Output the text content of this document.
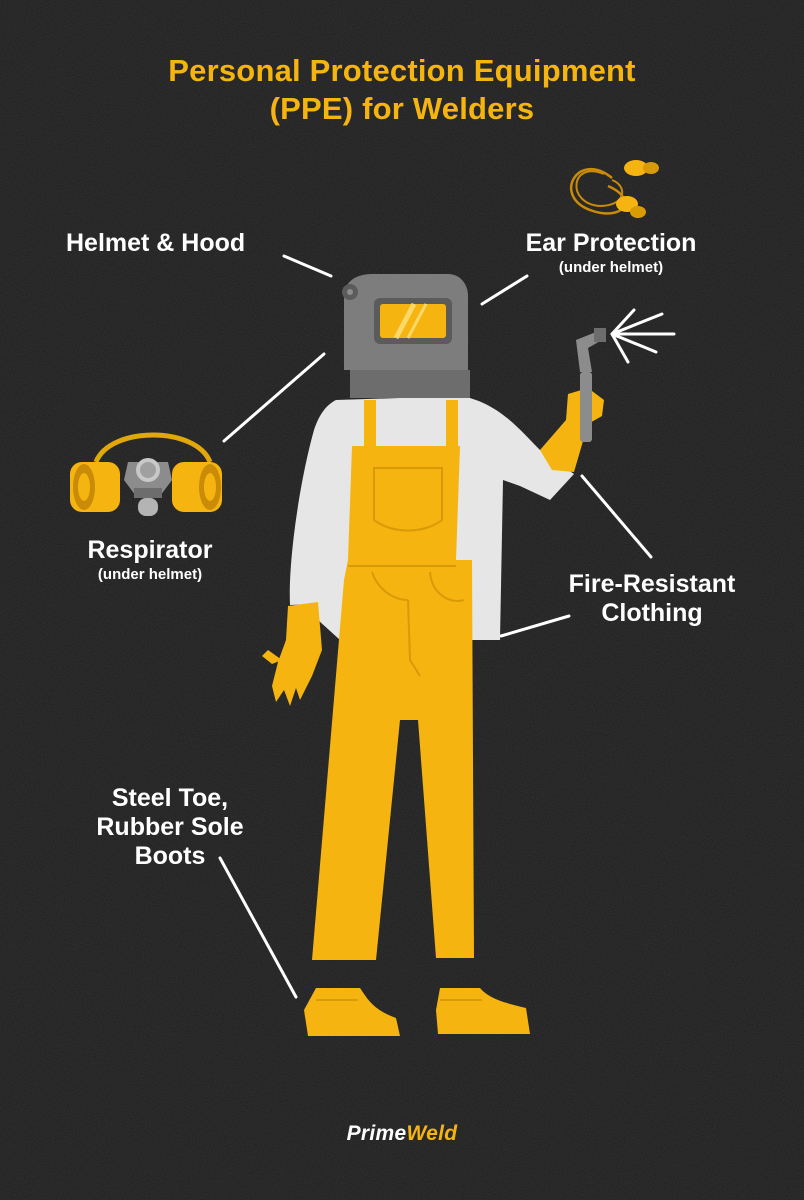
Personal Protection Equipment
(PPE) for Welders
Helmet & Hood	Ear Protection
(under helmet)
Respirator
(under helmet)	Fire-Resistant
Clothing
Steel Toe,
Rubber Sole
Boots
PrimeWeld
